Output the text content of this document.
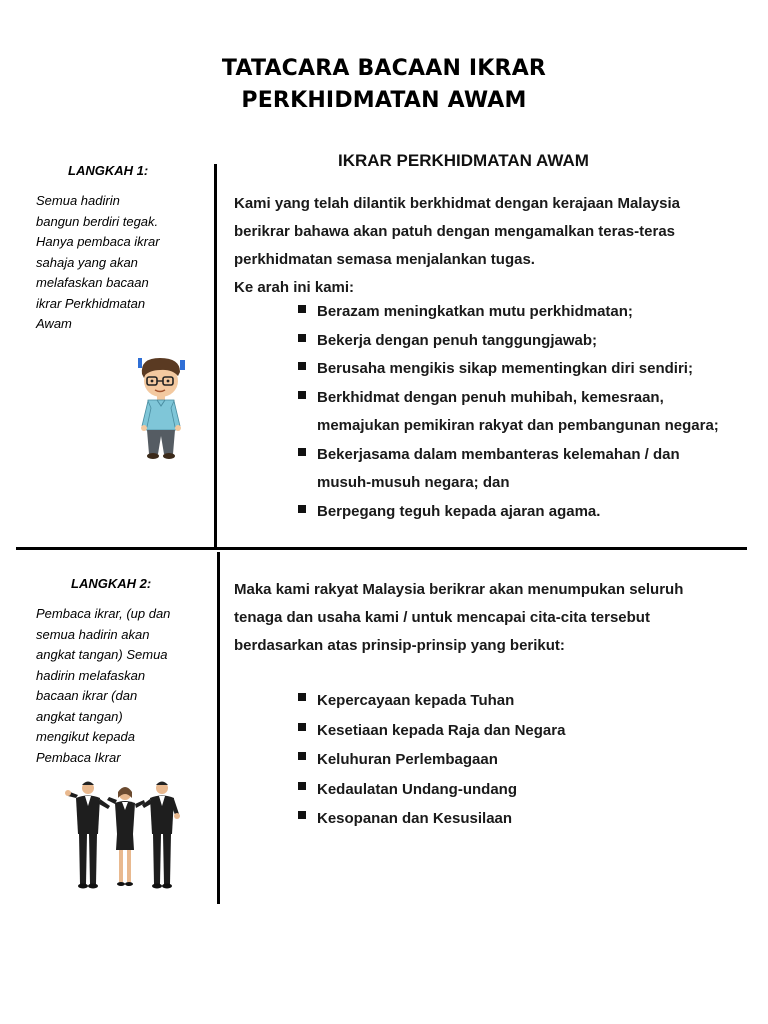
TATACARA BACAAN IKRAR
PERKHIDMATAN AWAM
LANGKAH 1:
Semua hadirin
bangun berdiri tegak.
Hanya pembaca ikrar
sahaja yang akan
melafaskan bacaan
ikrar Perkhidmatan
Awam
IKRAR PERKHIDMATAN AWAM
Kami yang telah dilantik berkhidmat dengan kerajaan Malaysia
berikrar bahawa akan patuh dengan mengamalkan teras-teras
perkhidmatan semasa menjalankan tugas.
Ke arah ini kami:
Berazam meningkatkan mutu perkhidmatan;
Bekerja dengan penuh tanggungjawab;
Berusaha mengikis sikap mementingkan diri sendiri;
Berkhidmat dengan penuh muhibah, kemesraan,
memajukan pemikiran rakyat dan pembangunan negara;
Bekerjasama dalam membanteras kelemahan / dan
musuh-musuh negara; dan
Berpegang teguh kepada ajaran agama.
LANGKAH 2:
Pembaca ikrar, (up dan
semua hadirin akan
angkat tangan) Semua
hadirin melafaskan
bacaan ikrar (dan
angkat tangan)
mengikut kepada
Pembaca Ikrar
Maka kami rakyat Malaysia berikrar akan menumpukan seluruh
tenaga dan usaha kami / untuk mencapai cita-cita tersebut
berdasarkan atas prinsip-prinsip yang berikut:
Kepercayaan kepada Tuhan
Kesetiaan kepada Raja dan Negara
Keluhuran Perlembagaan
Kedaulatan Undang-undang
Kesopanan dan Kesusilaan
